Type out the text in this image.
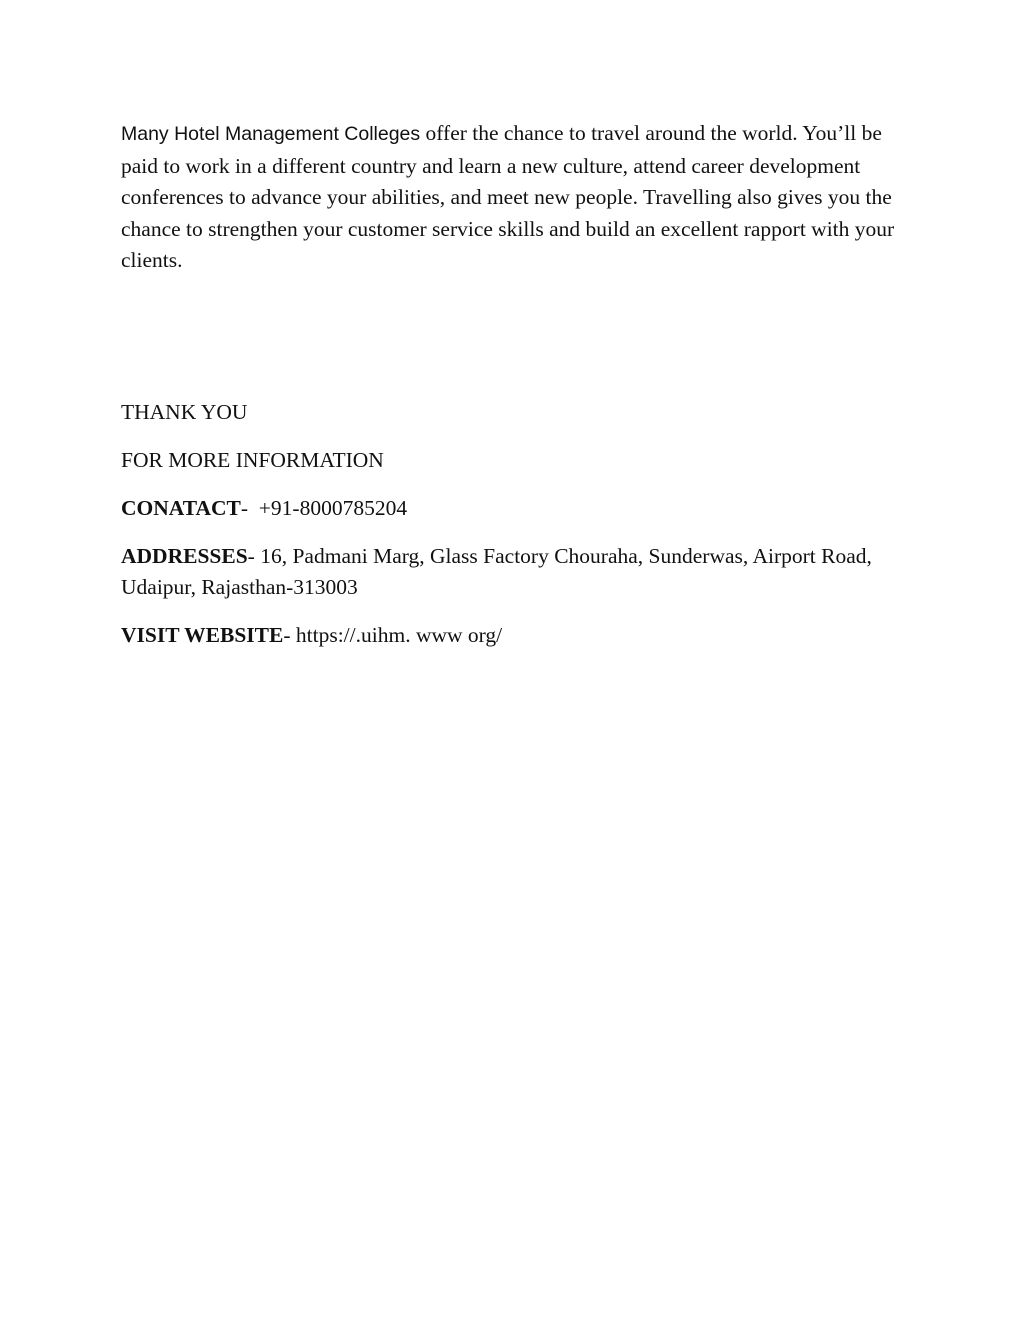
Many Hotel Management Colleges offer the chance to travel around the world. You’ll be paid to work in a different country and learn a new culture, attend career development conferences to advance your abilities, and meet new people. Travelling also gives you the chance to strengthen your customer service skills and build an excellent rapport with your clients.

THANK YOU

FOR MORE INFORMATION

CONATACT-  +91-8000785204

ADDRESSES- 16, Padmani Marg, Glass Factory Chouraha, Sunderwas, Airport Road, Udaipur, Rajasthan-313003

VISIT WEBSITE- https://.uihm. www org/
